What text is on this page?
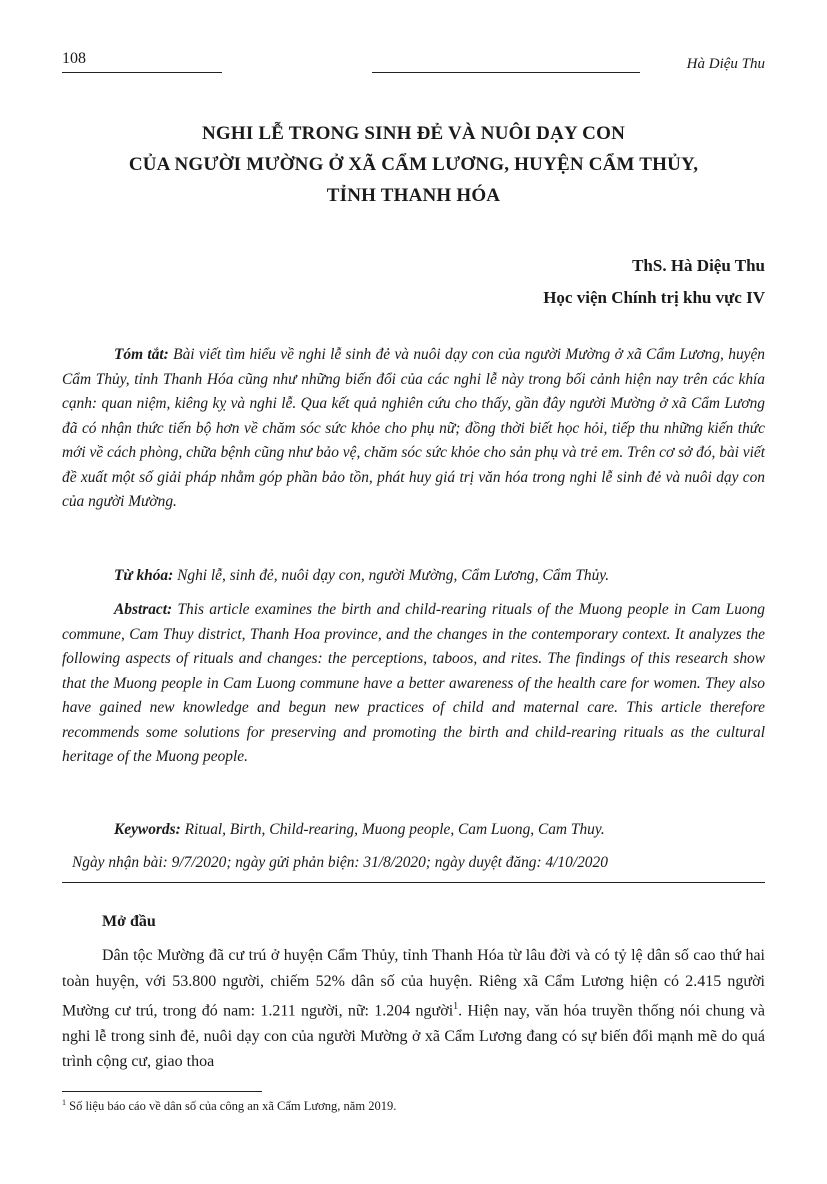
108	Hà Diệu Thu
NGHI LỄ TRONG SINH ĐẺ VÀ NUÔI DẠY CON
CỦA NGƯỜI MƯỜNG Ở XÃ CẨM LƯƠNG, HUYỆN CẨM THỦY,
TỈNH THANH HÓA
ThS. Hà Diệu Thu
Học viện Chính trị khu vực IV
Tóm tắt: Bài viết tìm hiểu về nghi lễ sinh đẻ và nuôi dạy con của người Mường ở xã Cẩm Lương, huyện Cẩm Thủy, tỉnh Thanh Hóa cũng như những biến đổi của các nghi lễ này trong bối cảnh hiện nay trên các khía cạnh: quan niệm, kiêng kỵ và nghi lễ. Qua kết quả nghiên cứu cho thấy, gần đây người Mường ở xã Cẩm Lương đã có nhận thức tiến bộ hơn về chăm sóc sức khỏe cho phụ nữ; đồng thời biết học hỏi, tiếp thu những kiến thức mới về cách phòng, chữa bệnh cũng như bảo vệ, chăm sóc sức khỏe cho sản phụ và trẻ em. Trên cơ sở đó, bài viết đề xuất một số giải pháp nhằm góp phần bảo tồn, phát huy giá trị văn hóa trong nghi lễ sinh đẻ và nuôi dạy con của người Mường.
Từ khóa: Nghi lễ, sinh đẻ, nuôi dạy con, người Mường, Cẩm Lương, Cẩm Thủy.
Abstract: This article examines the birth and child-rearing rituals of the Muong people in Cam Luong commune, Cam Thuy district, Thanh Hoa province, and the changes in the contemporary context. It analyzes the following aspects of rituals and changes: the perceptions, taboos, and rites. The findings of this research show that the Muong people in Cam Luong commune have a better awareness of the health care for women. They also have gained new knowledge and begun new practices of child and maternal care. This article therefore recommends some solutions for preserving and promoting the birth and child-rearing rituals as the cultural heritage of the Muong people.
Keywords: Ritual, Birth, Child-rearing, Muong people, Cam Luong, Cam Thuy.
Ngày nhận bài: 9/7/2020; ngày gửi phản biện: 31/8/2020; ngày duyệt đăng: 4/10/2020
Mở đầu
Dân tộc Mường đã cư trú ở huyện Cẩm Thủy, tỉnh Thanh Hóa từ lâu đời và có tỷ lệ dân số cao thứ hai toàn huyện, với 53.800 người, chiếm 52% dân số của huyện. Riêng xã Cẩm Lương hiện có 2.415 người Mường cư trú, trong đó nam: 1.211 người, nữ: 1.204 người$^1$. Hiện nay, văn hóa truyền thống nói chung và nghi lễ trong sinh đẻ, nuôi dạy con của người Mường ở xã Cẩm Lương đang có sự biến đổi mạnh mẽ do quá trình cộng cư, giao thoa
$^1$ Số liệu báo cáo về dân số của công an xã Cẩm Lương, năm 2019.
